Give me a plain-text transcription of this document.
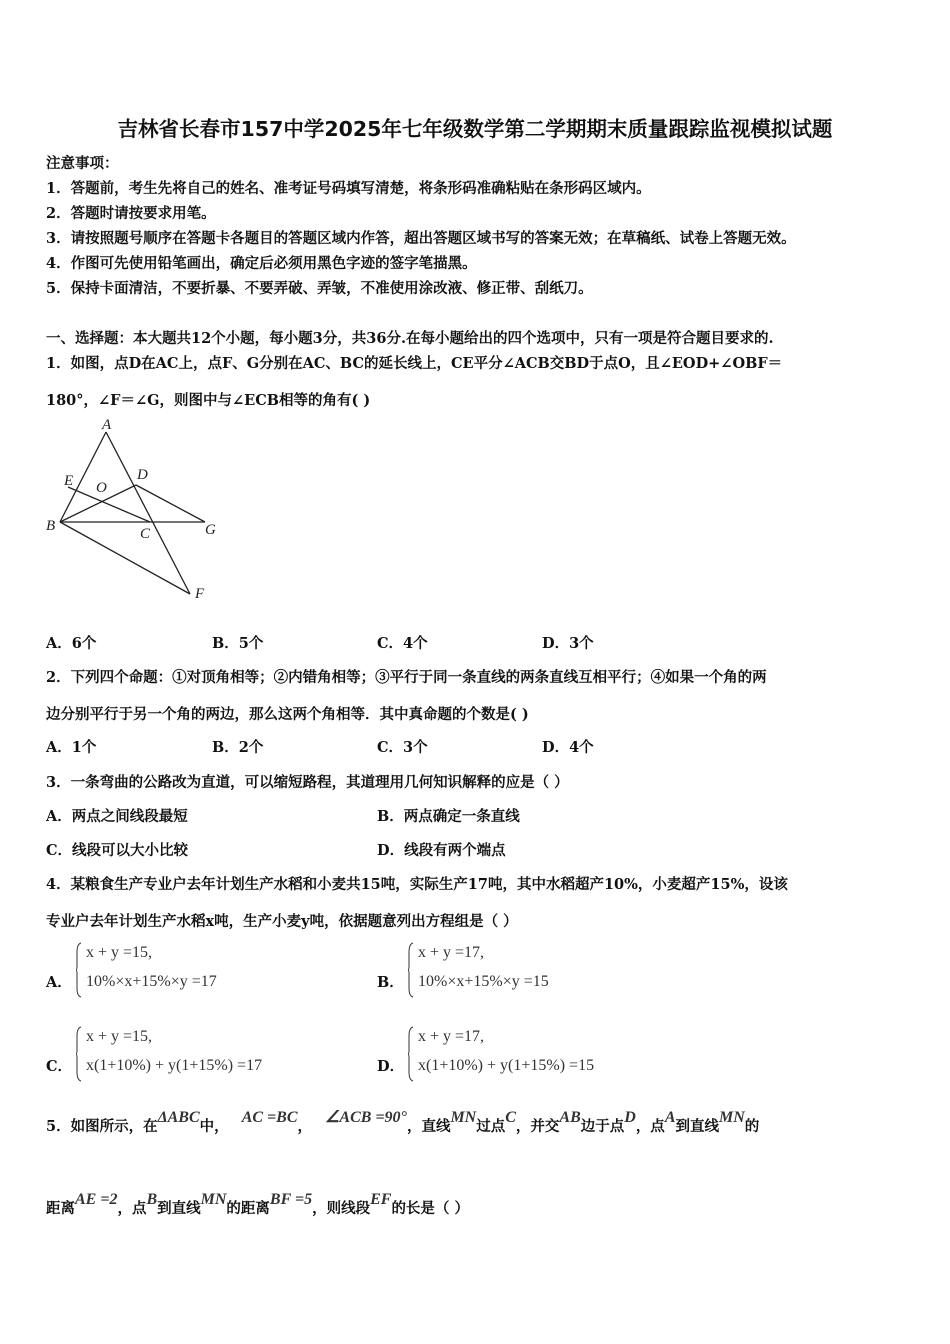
吉林省长春市157中学2025年七年级数学第二学期期末质量跟踪监视模拟试题
注意事项：
1．答题前，考生先将自己的姓名、准考证号码填写清楚，将条形码准确粘贴在条形码区域内。
2．答题时请按要求用笔。
3．请按照题号顺序在答题卡各题目的答题区域内作答，超出答题区域书写的答案无效；在草稿纸、试卷上答题无效。
4．作图可先使用铅笔画出，确定后必须用黑色字迹的签字笔描黑。
5．保持卡面清洁，不要折暴、不要弄破、弄皱，不准使用涂改液、修正带、刮纸刀。
一、选择题：本大题共12个小题，每小题3分，共36分.在每小题给出的四个选项中，只有一项是符合题目要求的.
1．如图，点D在AC上，点F、G分别在AC、BC的延长线上，CE平分∠ACB交BD于点O，且∠EOD+∠OBF＝
180°，∠F＝∠G，则图中与∠ECB相等的角有( )
A
B	C
D
E
F
G
O
A．6个	B．5个	C．4个	D．3个
2．下列四个命题：①对顶角相等；②内错角相等；③平行于同一条直线的两条直线互相平行；④如果一个角的两
边分别平行于另一个角的两边，那么这两个角相等．其中真命题的个数是( )
A．1个	B．2个	C．3个	D．4个
3．一条弯曲的公路改为直道，可以缩短路程，其道理用几何知识解释的应是（ ）
A．两点之间线段最短	B．两点确定一条直线
C．线段可以大小比较	D．线段有两个端点
4．某粮食生产专业户去年计划生产水稻和小麦共15吨，实际生产17吨，其中水稻超产10%，小麦超产15%，设该
专业户去年计划生产水稻x吨，生产小麦y吨，依据题意列出方程组是（ ）
A．
x + y =15,
10%×x+15%×y =17	B．
x + y =17,
10%×x+15%×y =15
C．
x + y =15,
x(1+10%) + y(1+15%) =17	D．
x + y =17,
x(1+10%) + y(1+15%) =15
5．如图所示，在ΔABC中， AC =BC， ∠ACB =90°，直线MN过点C，并交AB边于点D，点A到直线MN的
距离AE =2，点B到直线MN的距离BF =5，则线段EF的长是（ ）
